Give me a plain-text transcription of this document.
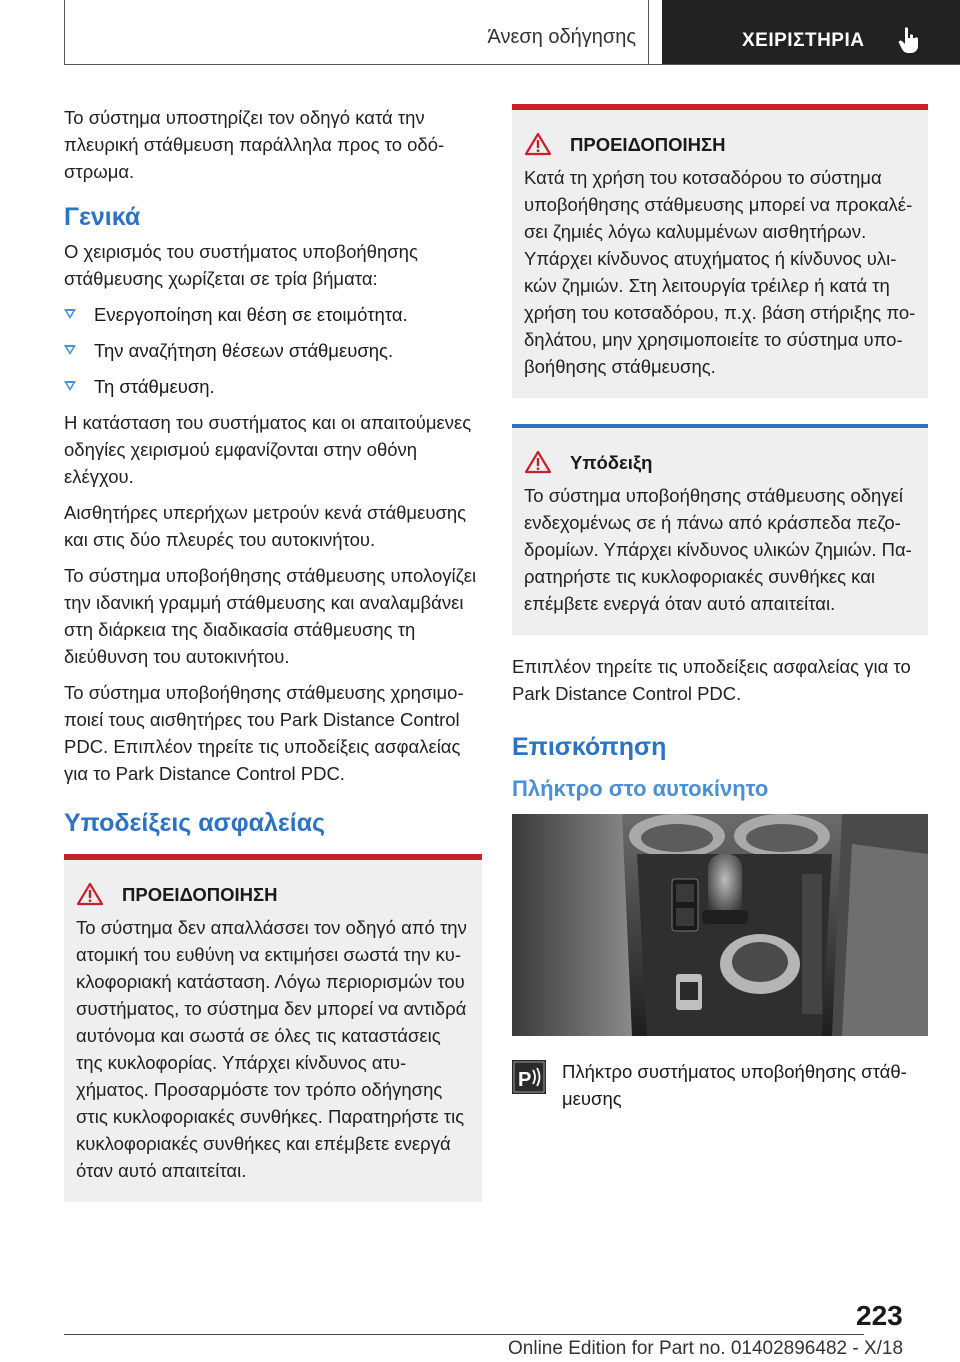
Άνεση οδήγησης	ΧΕΙΡΙΣΤΗΡΙΑ

Το σύστημα υποστηρίζει τον οδηγό κατά την πλευρική στάθμευση παράλληλα προς το οδόστρωμα.

Γενικά

Ο χειρισμός του συστήματος υποβοήθησης στάθμευσης χωρίζεται σε τρία βήματα:

Ενεργοποίηση και θέση σε ετοιμότητα.
Την αναζήτηση θέσεων στάθμευσης.
Τη στάθμευση.

Η κατάσταση του συστήματος και οι απαιτούμενες οδηγίες χειρισμού εμφανίζονται στην οθόνη ελέγχου.

Αισθητήρες υπερήχων μετρούν κενά στάθμευσης και στις δύο πλευρές του αυτοκινήτου.

Το σύστημα υποβοήθησης στάθμευσης υπολογίζει την ιδανική γραμμή στάθμευσης και αναλαμβάνει στη διάρκεια της διαδικασία στάθμευσης τη διεύθυνση του αυτοκινήτου.

Το σύστημα υποβοήθησης στάθμευσης χρησιμοποιεί τους αισθητήρες του Park Distance Control PDC. Επιπλέον τηρείτε τις υποδείξεις ασφαλείας για το Park Distance Control PDC.

Υποδείξεις ασφαλείας
ΠΡΟΕΙΔΟΠΟΙΗΣΗ

Το σύστημα δεν απαλλάσσει τον οδηγό από την ατομική του ευθύνη να εκτιμήσει σωστά την κυκλοφοριακή κατάσταση. Λόγω περιορισμών του συστήματος, το σύστημα δεν μπορεί να αντιδρά αυτόνομα και σωστά σε όλες τις καταστάσεις της κυκλοφορίας. Υπάρχει κίνδυνος ατυχήματος. Προσαρμόστε τον τρόπο οδήγησης στις κυκλοφοριακές συνθήκες. Παρατηρήστε τις κυκλοφοριακές συνθήκες και επέμβετε ενεργά όταν αυτό απαιτείται.

ΠΡΟΕΙΔΟΠΟΙΗΣΗ

Κατά τη χρήση του κοτσαδόρου το σύστημα υποβοήθησης στάθμευσης μπορεί να προκαλέσει ζημιές λόγω καλυμμένων αισθητήρων. Υπάρχει κίνδυνος ατυχήματος ή κίνδυνος υλικών ζημιών. Στη λειτουργία τρέιλερ ή κατά τη χρήση του κοτσαδόρου, π.χ. βάση στήριξης ποδηλάτου, μην χρησιμοποιείτε το σύστημα υποβοήθησης στάθμευσης.

Υπόδειξη

Το σύστημα υποβοήθησης στάθμευσης οδηγεί ενδεχομένως σε ή πάνω από κράσπεδα πεζοδρομίων. Υπάρχει κίνδυνος υλικών ζημιών. Παρατηρήστε τις κυκλοφοριακές συνθήκες και επέμβετε ενεργά όταν αυτό απαιτείται.

Επιπλέον τηρείτε τις υποδείξεις ασφαλείας για το Park Distance Control PDC.

Επισκόπηση
Πλήκτρο στο αυτοκίνητο
P Πλήκτρο συστήματος υποβοήθησης στάθμευσης
223
Online Edition for Part no. 01402896482 - X/18
